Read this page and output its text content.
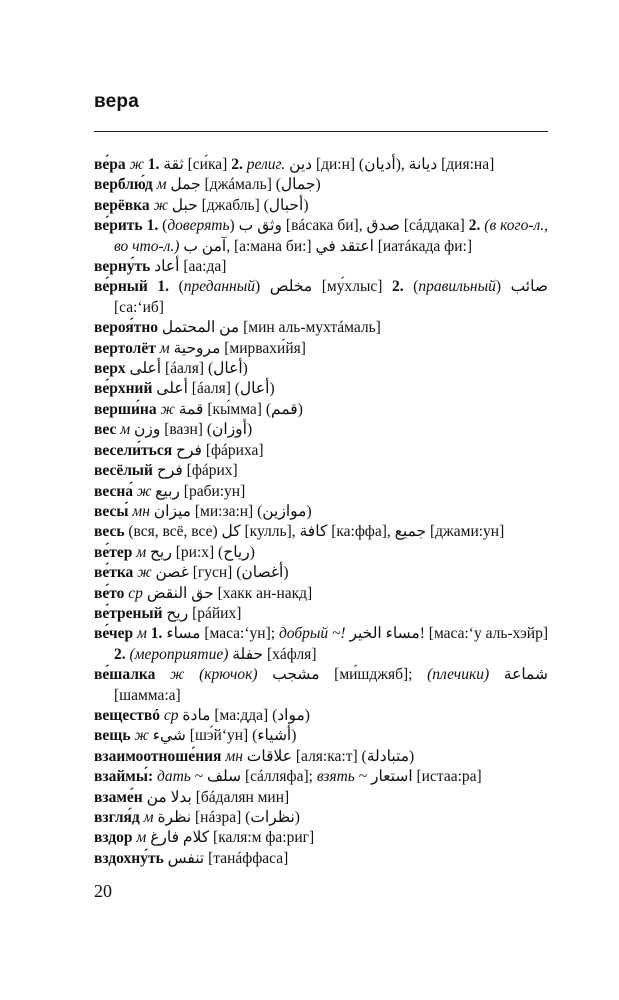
вера

ве́ра ж 1. ثقة [си́ка] 2. религ. دين [ди:н] (أديان), ديانة [дия:на]

верблю́д м جمل [джáмаль] (جمال)

верёвка ж حبل [джабль] (أحبال)

ве́рить 1. (доверять) وثق ب [вáсака би], صدق [сáддака] 2. (в кого-л., во что-л.) آمن ب, [а:мана би:] اعتقد في [иатáкада фи:]

верну́ть أعاد [аа:да]

ве́рный 1. (преданный) مخلص [му́хлыс] 2. (правильный) صائب [са:‘иб]

вероя́тно من المحتمل [мин аль-мухтáмаль]

вертолёт м مروحية [мирвахи́йя]

верх أعلى [áаля] (أعال)

ве́рхний أعلى [áаля] (أعال)

верши́на ж قمة [кы́мма] (قمم)

вес м وزن [вазн] (أوزان)

весели́ться فرح [фáриха]

весёлый فرح [фáрих]

весна́ ж ربيع [раби:ун]

весы́ мн ميزان [ми:за:н] (موازين)

весь (вся, всё, все) كل [кулль], كافة [ка:ффа], جميع [джами:ун]

ве́тер м ريح [ри:х] (رياح)

ве́тка ж غصن [гусн] (أغصان)

ве́то ср حق النقض [хакк ан-накд]

ве́треный ريح [рáйих]

ве́чер м 1. مساء [маса:‘ун]; добрый ~! مساء الخير! [маса:‘у аль-хэйр] 2. (мероприятие) حفلة [хáфля]

ве́шалка ж (крючок) مشجب [ми́шджяб]; (плечики) شماعة [шамма:а]

веществó ср مادة [ма:дда] (مواد)

вещь ж شيء [шэ́й‘ун] (أشياء)

взаимоотноше́ния мн علاقات [аля:ка:т] (متبادلة)

взаймы́: дать ~ سلف [сáлляфа]; взять ~ استعار [истаа:ра]

взаме́н بدلا من [бáдалян мин]

взгля́д м نظرة [нáзра] (نظرات)

вздор м كلام فارغ [каля:м фа:риг]

вздохну́ть تنفس [танáффаса]

20
